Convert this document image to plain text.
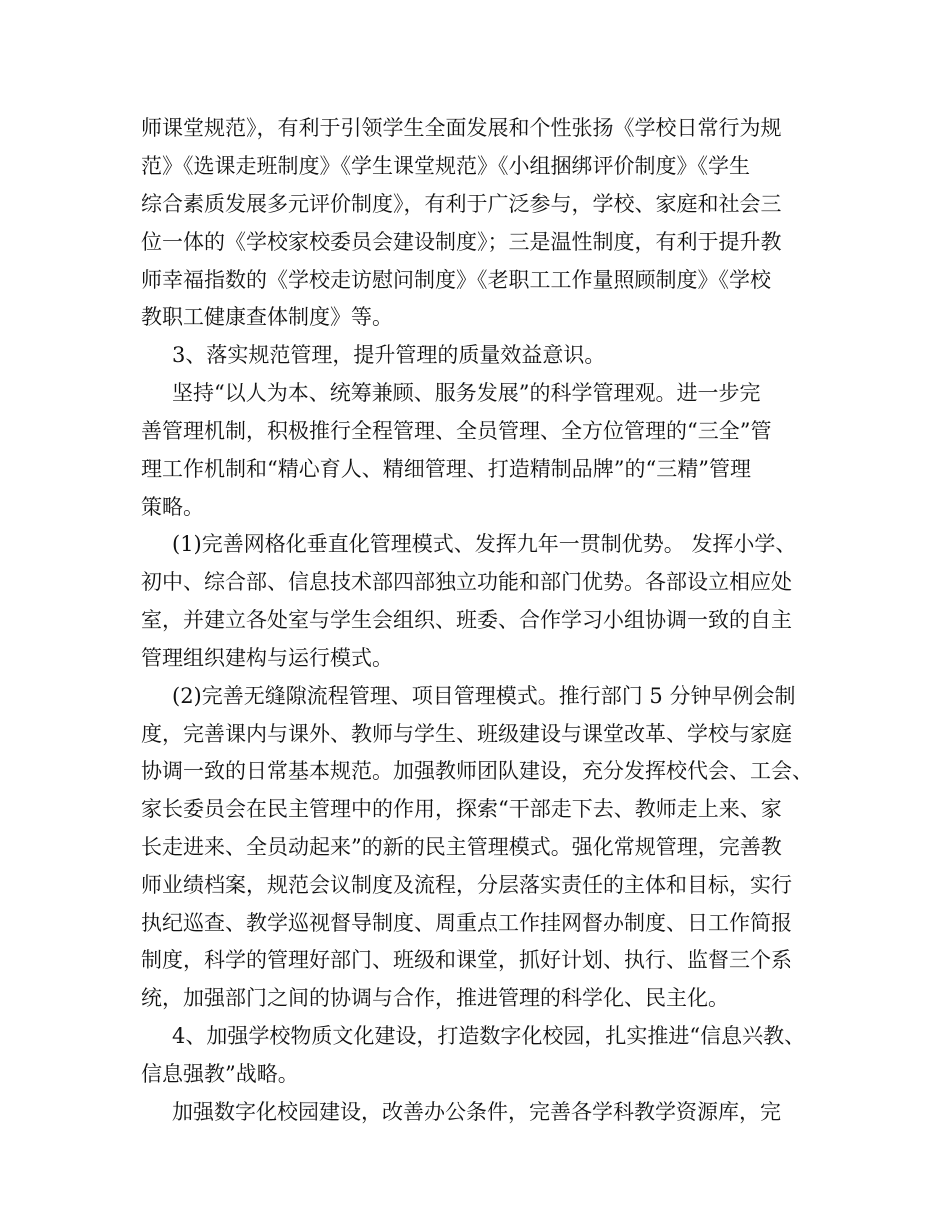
师课堂规范》，有利于引领学生全面发展和个性张扬《学校日常行为规
范》《选课走班制度》《学生课堂规范》《小组捆绑评价制度》《学生
综合素质发展多元评价制度》，有利于广泛参与，学校、家庭和社会三
位一体的《学校家校委员会建设制度》；三是温性制度，有利于提升教
师幸福指数的《学校走访慰问制度》《老职工工作量照顾制度》《学校
教职工健康查体制度》等。
3、落实规范管理，提升管理的质量效益意识。
坚持“以人为本、统筹兼顾、服务发展”的科学管理观。进一步完
善管理机制，积极推行全程管理、全员管理、全方位管理的“三全”管
理工作机制和“精心育人、精细管理、打造精制品牌”的“三精”管理
策略。
(1)完善网格化垂直化管理模式、发挥九年一贯制优势。 发挥小学、
初中、综合部、信息技术部四部独立功能和部门优势。各部设立相应处
室，并建立各处室与学生会组织、班委、合作学习小组协调一致的自主
管理组织建构与运行模式。
(2)完善无缝隙流程管理、项目管理模式。推行部门 5 分钟早例会制
度，完善课内与课外、教师与学生、班级建设与课堂改革、学校与家庭
协调一致的日常基本规范。加强教师团队建设，充分发挥校代会、工会、
家长委员会在民主管理中的作用，探索“干部走下去、教师走上来、家
长走进来、全员动起来”的新的民主管理模式。强化常规管理，完善教
师业绩档案，规范会议制度及流程，分层落实责任的主体和目标，实行
执纪巡查、教学巡视督导制度、周重点工作挂网督办制度、日工作简报
制度，科学的管理好部门、班级和课堂，抓好计划、执行、监督三个系
统，加强部门之间的协调与合作，推进管理的科学化、民主化。
4、加强学校物质文化建设，打造数字化校园，扎实推进“信息兴教、
信息强教”战略。
加强数字化校园建设，改善办公条件，完善各学科教学资源库，完
